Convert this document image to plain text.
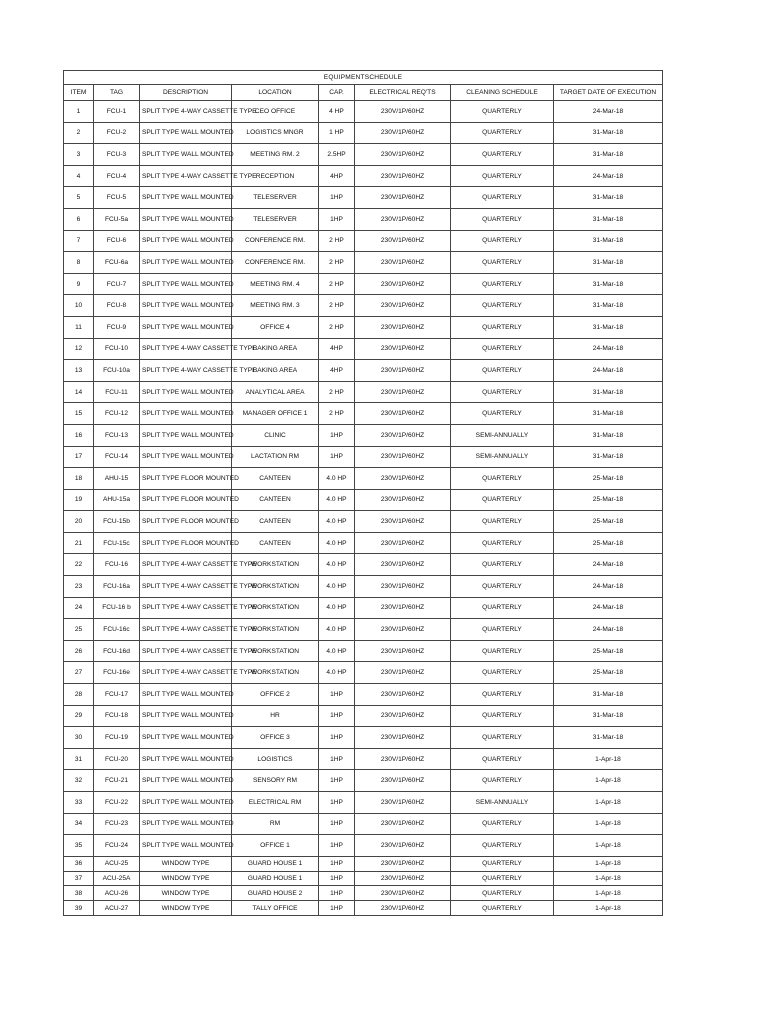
EQUIPMENTSCHEDULE							
ITEM	TAG	DESCRIPTION	LOCATION	CAP.	ELECTRICAL REQ'TS	CLEANING SCHEDULE	TARGET DATE OF EXECUTION
1	FCU-1	SPLIT TYPE 4-WAY CASSETTE TYPE	CEO OFFICE	4 HP	230V/1P/60HZ	QUARTERLY	24-Mar-18
2	FCU-2	SPLIT TYPE WALL MOUNTED	LOGISTICS MNGR	1 HP	230V/1P/60HZ	QUARTERLY	31-Mar-18
3	FCU-3	SPLIT TYPE WALL MOUNTED	MEETING RM. 2	2.5HP	230V/1P/60HZ	QUARTERLY	31-Mar-18
4	FCU-4	SPLIT TYPE 4-WAY CASSETTE TYPE	RECEPTION	4HP	230V/1P/60HZ	QUARTERLY	24-Mar-18
5	FCU-5	SPLIT TYPE WALL MOUNTED	TELESERVER	1HP	230V/1P/60HZ	QUARTERLY	31-Mar-18
6	FCU-5a	SPLIT TYPE WALL MOUNTED	TELESERVER	1HP	230V/1P/60HZ	QUARTERLY	31-Mar-18
7	FCU-6	SPLIT TYPE WALL MOUNTED	CONFERENCE RM.	2 HP	230V/1P/60HZ	QUARTERLY	31-Mar-18
8	FCU-6a	SPLIT TYPE WALL MOUNTED	CONFERENCE RM.	2 HP	230V/1P/60HZ	QUARTERLY	31-Mar-18
9	FCU-7	SPLIT TYPE WALL MOUNTED	MEETING RM. 4	2 HP	230V/1P/60HZ	QUARTERLY	31-Mar-18
10	FCU-8	SPLIT TYPE WALL MOUNTED	MEETING RM. 3	2 HP	230V/1P/60HZ	QUARTERLY	31-Mar-18
11	FCU-9	SPLIT TYPE WALL MOUNTED	OFFICE 4	2 HP	230V/1P/60HZ	QUARTERLY	31-Mar-18
12	FCU-10	SPLIT TYPE 4-WAY CASSETTE TYPE	BAKING AREA	4HP	230V/1P/60HZ	QUARTERLY	24-Mar-18
13	FCU-10a	SPLIT TYPE 4-WAY CASSETTE TYPE	BAKING AREA	4HP	230V/1P/60HZ	QUARTERLY	24-Mar-18
14	FCU-11	SPLIT TYPE WALL MOUNTED	ANALYTICAL AREA	2 HP	230V/1P/60HZ	QUARTERLY	31-Mar-18
15	FCU-12	SPLIT TYPE WALL MOUNTED	MANAGER OFFICE 1	2 HP	230V/1P/60HZ	QUARTERLY	31-Mar-18
16	FCU-13	SPLIT TYPE WALL MOUNTED	CLINIC	1HP	230V/1P/60HZ	SEMI-ANNUALLY	31-Mar-18
17	FCU-14	SPLIT TYPE WALL MOUNTED	LACTATION RM	1HP	230V/1P/60HZ	SEMI-ANNUALLY	31-Mar-18
18	AHU-15	SPLIT TYPE FLOOR MOUNTED	CANTEEN	4.0 HP	230V/1P/60HZ	QUARTERLY	25-Mar-18
19	AHU-15a	SPLIT TYPE FLOOR MOUNTED	CANTEEN	4.0 HP	230V/1P/60HZ	QUARTERLY	25-Mar-18
20	FCU-15b	SPLIT TYPE FLOOR MOUNTED	CANTEEN	4.0 HP	230V/1P/60HZ	QUARTERLY	25-Mar-18
21	FCU-15c	SPLIT TYPE FLOOR MOUNTED	CANTEEN	4.0 HP	230V/1P/60HZ	QUARTERLY	25-Mar-18
22	FCU-16	SPLIT TYPE 4-WAY CASSETTE TYPE	WORKSTATION	4.0 HP	230V/1P/60HZ	QUARTERLY	24-Mar-18
23	FCU-16a	SPLIT TYPE 4-WAY CASSETTE TYPE	WORKSTATION	4.0 HP	230V/1P/60HZ	QUARTERLY	24-Mar-18
24	FCU-16 b	SPLIT TYPE 4-WAY CASSETTE TYPE	WORKSTATION	4.0 HP	230V/1P/60HZ	QUARTERLY	24-Mar-18
25	FCU-16c	SPLIT TYPE 4-WAY CASSETTE TYPE	WORKSTATION	4.0 HP	230V/1P/60HZ	QUARTERLY	24-Mar-18
26	FCU-16d	SPLIT TYPE 4-WAY CASSETTE TYPE	WORKSTATION	4.0 HP	230V/1P/60HZ	QUARTERLY	25-Mar-18
27	FCU-16e	SPLIT TYPE 4-WAY CASSETTE TYPE	WORKSTATION	4.0 HP	230V/1P/60HZ	QUARTERLY	25-Mar-18
28	FCU-17	SPLIT TYPE WALL MOUNTED	OFFICE 2	1HP	230V/1P/60HZ	QUARTERLY	31-Mar-18
29	FCU-18	SPLIT TYPE WALL MOUNTED	HR	1HP	230V/1P/60HZ	QUARTERLY	31-Mar-18
30	FCU-19	SPLIT TYPE WALL MOUNTED	OFFICE 3	1HP	230V/1P/60HZ	QUARTERLY	31-Mar-18
31	FCU-20	SPLIT TYPE WALL MOUNTED	LOGISTICS	1HP	230V/1P/60HZ	QUARTERLY	1-Apr-18
32	FCU-21	SPLIT TYPE WALL MOUNTED	SENSORY RM	1HP	230V/1P/60HZ	QUARTERLY	1-Apr-18
33	FCU-22	SPLIT TYPE WALL MOUNTED	ELECTRICAL RM	1HP	230V/1P/60HZ	SEMI-ANNUALLY	1-Apr-18
34	FCU-23	SPLIT TYPE WALL MOUNTED	RM	1HP	230V/1P/60HZ	QUARTERLY	1-Apr-18
35	FCU-24	SPLIT TYPE WALL MOUNTED	OFFICE 1	1HP	230V/1P/60HZ	QUARTERLY	1-Apr-18
36	ACU-25	WINDOW TYPE	GUARD HOUSE 1	1HP	230V/1P/60HZ	QUARTERLY	1-Apr-18
37	ACU-25A	WINDOW TYPE	GUARD HOUSE 1	1HP	230V/1P/60HZ	QUARTERLY	1-Apr-18
38	ACU-26	WINDOW TYPE	GUARD HOUSE 2	1HP	230V/1P/60HZ	QUARTERLY	1-Apr-18
39	ACU-27	WINDOW TYPE	TALLY OFFICE	1HP	230V/1P/60HZ	QUARTERLY	1-Apr-18
